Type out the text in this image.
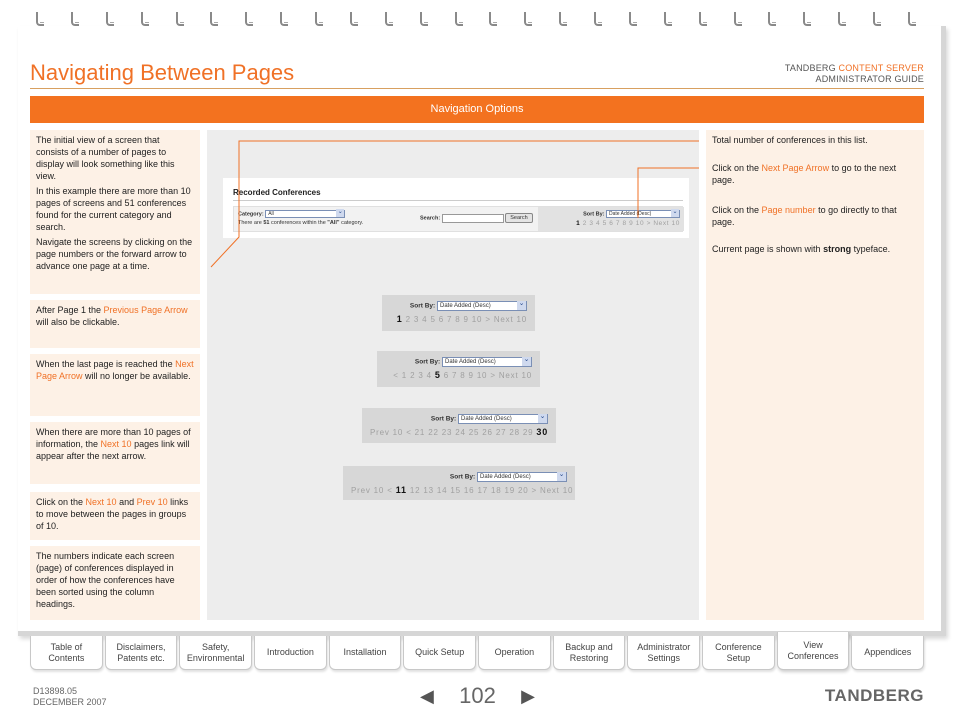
Navigating Between Pages	TANDBERG CONTENT SERVER
ADMINISTRATOR GUIDE
Navigation Options

The initial view of a screen that consists of a number of pages to display will look something like this view.

In this example there are more than 10 pages of screens and 51 conferences found for the current category and search.

Navigate the screens by clicking on the page numbers or the forward arrow to advance one page at a time.

After Page 1 the Previous Page Arrow will also be clickable.
When the last page is reached the Next Page Arrow will no longer be available.
When there are more than 10 pages of information, the Next 10 pages link will appear after the next arrow.
Click on the Next 10 and Prev 10 links to move between the pages in groups of 10.
The numbers indicate each screen (page) of conferences displayed in order of how the conferences have been sorted using the column headings.
Recorded Conferences
Category: All ⌄
There are 51 conferences within the "All" category.
Search:	Search
Sort By: Date Added (Desc) ⌄
1 2 3 4 5 6 7 8 9 10 > Next 10
Sort By: Date Added (Desc) ⌄
1 2 3 4 5 6 7 8 9 10 > Next 10
Sort By: Date Added (Desc) ⌄
< 1 2 3 4 5 6 7 8 9 10 > Next 10
Sort By: Date Added (Desc) ⌄
Prev 10 < 21 22 23 24 25 26 27 28 29 30
Sort By: Date Added (Desc) ⌄
Prev 10 < 11 12 13 14 15 16 17 18 19 20 > Next 10

Total number of conferences in this list.

Click on the Next Page Arrow to go to the next page.

Click on the Page number to go directly to that page.

Current page is shown with strong typeface.

Table of Contents
Disclaimers, Patents etc.
Safety, Environmental
Introduction	Installation	Quick Setup	Operation
Backup and Restoring
Administrator Settings
Conference Setup
View Conferences	Appendices
D13898.05
DECEMBER 2007	◀ 102 ▶	TANDBERG
